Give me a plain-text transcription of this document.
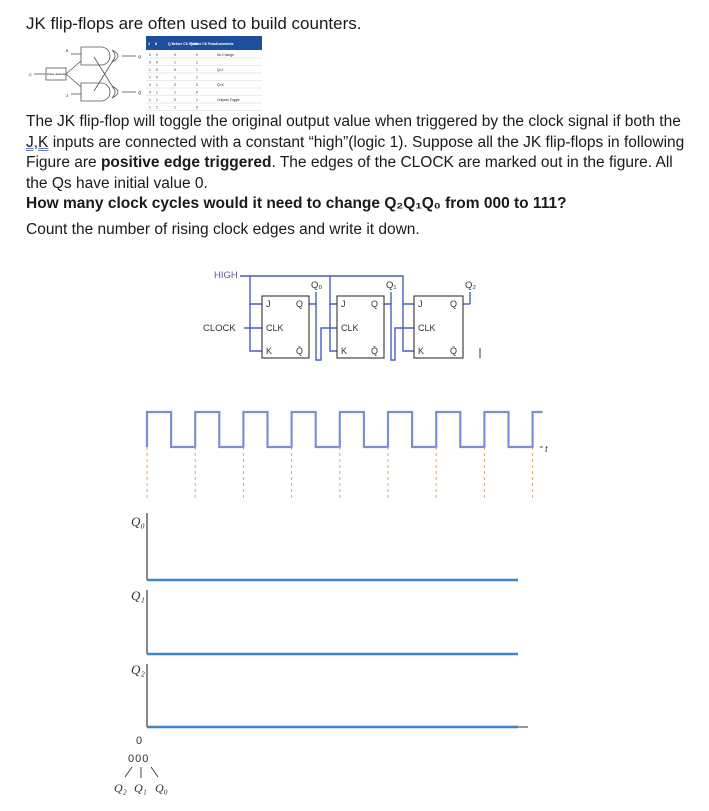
JK flip-flops are often used to build counters.
K
J
C
Q
Q̄
Pulse detector
J K	Q Before CK Pulse
Q After CK Pulse
Comments
0 0	0	0	No Change
0 0	1	1
1 0	0	1	Q=J
1 0	1	1
0 1	0	0	Q̄=K
0 1	1	0
1 1	0	1	Outputs Toggle
1 1	1	0

The JK flip-flop will toggle the original output value when triggered by the clock signal if both the J,K inputs are connected with a constant “high”(logic 1). Suppose all the JK flip-flops in following Figure are positive edge triggered. The edges of the CLOCK are marked out in the figure. All the Qs have initial value 0.
How many clock cycles would it need to change Q₂Q₁Q₀ from 000 to 111?

Count the number of rising clock edges and write it down.

HIGH
CLOCK
J
CLK
K
Q
Q̄
J
CLK
K
Q
Q̄
J
CLK
K
Q
Q̄
Q₀	Q₁	Q₂
t
Q₀
Q₁
Q₂
0
000
Q₂ Q₁ Q₀
